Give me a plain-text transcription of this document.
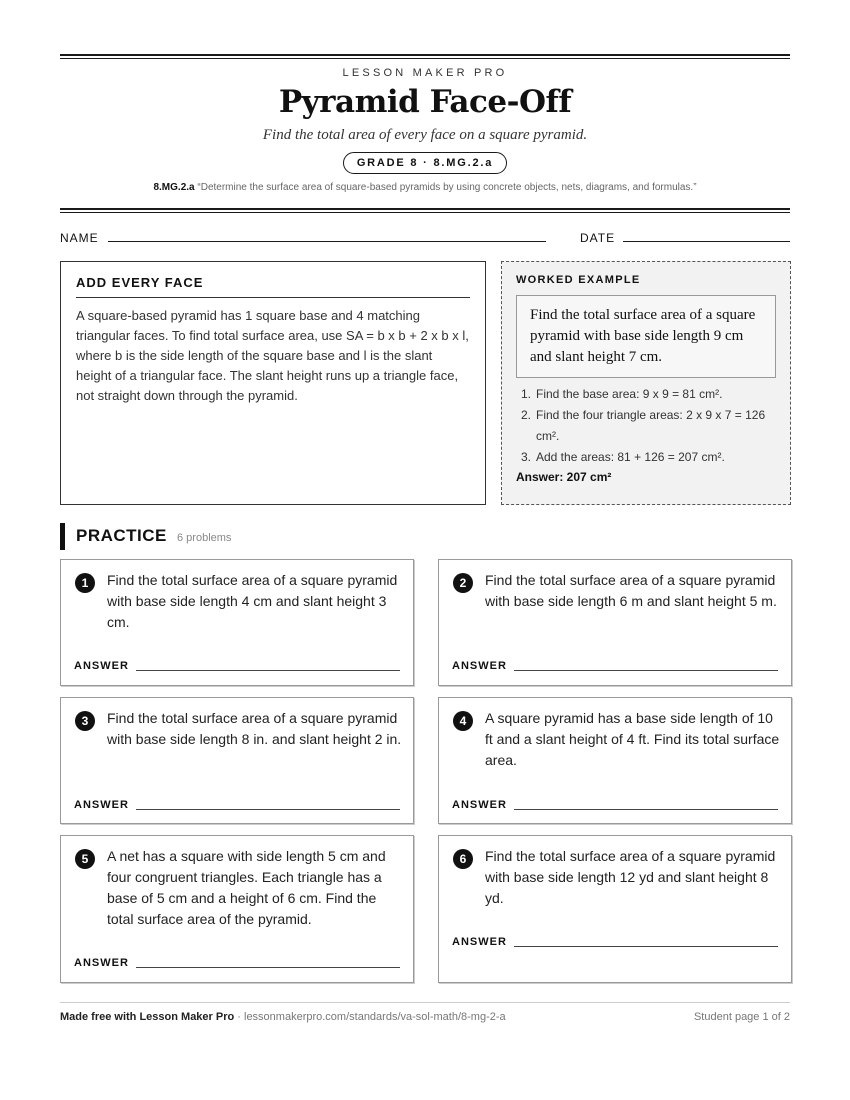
LESSON MAKER PRO
Pyramid Face-Off
Find the total area of every face on a square pyramid.
GRADE 8 · 8.MG.2.a
8.MG.2.a “Determine the surface area of square-based pyramids by using concrete objects, nets, diagrams, and formulas.”
NAME	DATE
ADD EVERY FACE
A square-based pyramid has 1 square base and 4 matching triangular faces. To find total surface area, use SA = b x b + 2 x b x l, where b is the side length of the square base and l is the slant height of a triangular face. The slant height runs up a triangle face, not straight down through the pyramid.
WORKED EXAMPLE
Find the total surface area of a square pyramid with base side length 9 cm and slant height 7 cm.
1. Find the base area: 9 x 9 = 81 cm².
2. Find the four triangle areas: 2 x 9 x 7 = 126 cm².
3. Add the areas: 81 + 126 = 207 cm².
Answer: 207 cm²
PRACTICE 6 problems
1	Find the total surface area of a square pyramid with base side length 4 cm and slant height 3 cm.
ANSWER
2	Find the total surface area of a square pyramid with base side length 6 m and slant height 5 m.
ANSWER
3	Find the total surface area of a square pyramid with base side length 8 in. and slant height 2 in.
ANSWER
4	A square pyramid has a base side length of 10 ft and a slant height of 4 ft. Find its total surface area.
ANSWER
5	A net has a square with side length 5 cm and four congruent triangles. Each triangle has a base of 5 cm and a height of 6 cm. Find the total surface area of the pyramid.
ANSWER
6	Find the total surface area of a square pyramid with base side length 12 yd and slant height 8 yd.
ANSWER
Made free with Lesson Maker Pro · lessonmakerpro.com/standards/va-sol-math/8-mg-2-a	Student page 1 of 2
